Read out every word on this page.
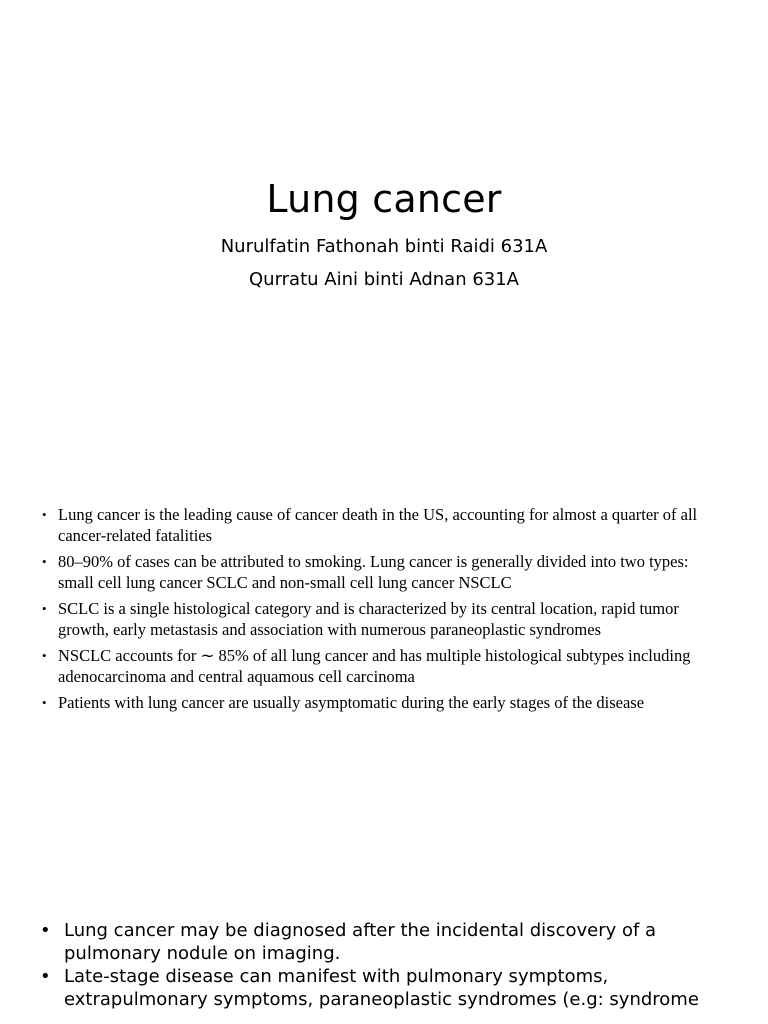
Lung cancer
Nurulfatin Fathonah binti Raidi 631A
Qurratu Aini binti Adnan 631A
• Lung cancer is the leading cause of cancer death in the US, accounting for almost a quarter of all cancer-related fatalities
• 80–90% of cases can be attributed to smoking. Lung cancer is generally divided into two types: small cell lung cancer SCLC and non-small cell lung cancer NSCLC
• SCLC is a single histological category and is characterized by its central location, rapid tumor growth, early metastasis and association with numerous paraneoplastic syndromes
• NSCLC accounts for ∼ 85% of all lung cancer and has multiple histological subtypes including adenocarcinoma and central aquamous cell carcinoma
• Patients with lung cancer are usually asymptomatic during the early stages of the disease
• Lung cancer may be diagnosed after the incidental discovery of a pulmonary nodule on imaging.
• Late-stage disease can manifest with pulmonary symptoms, extrapulmonary symptoms, paraneoplastic syndromes (e.g: syndrome
